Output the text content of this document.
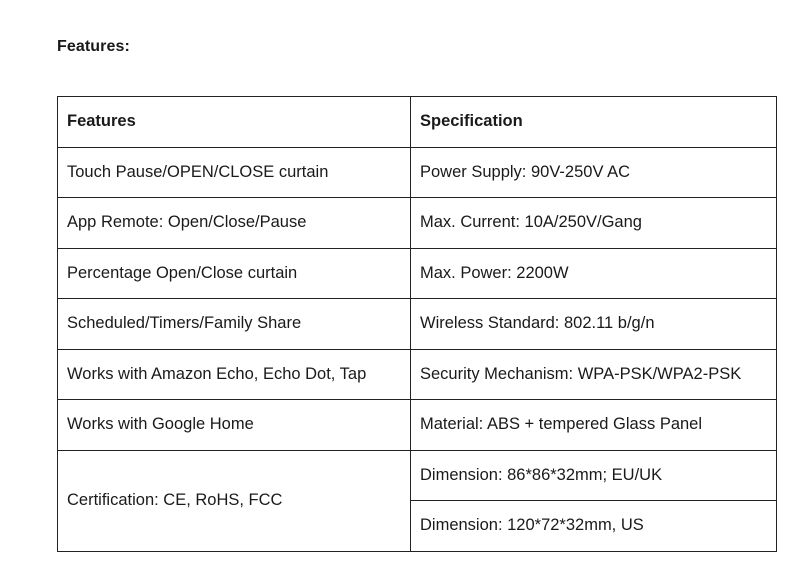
Features:
Features	Specification
Touch Pause/OPEN/CLOSE curtain	Power Supply: 90V-250V AC
App Remote: Open/Close/Pause	Max. Current: 10A/250V/Gang
Percentage Open/Close curtain	Max. Power: 2200W
Scheduled/Timers/Family Share	Wireless Standard: 802.11 b/g/n
Works with Amazon Echo, Echo Dot, Tap	Security Mechanism: WPA-PSK/WPA2-PSK
Works with Google Home	Material: ABS + tempered Glass Panel
Certification: CE, RoHS, FCC	Dimension: 86*86*32mm; EU/UK
	Dimension: 120*72*32mm, US
